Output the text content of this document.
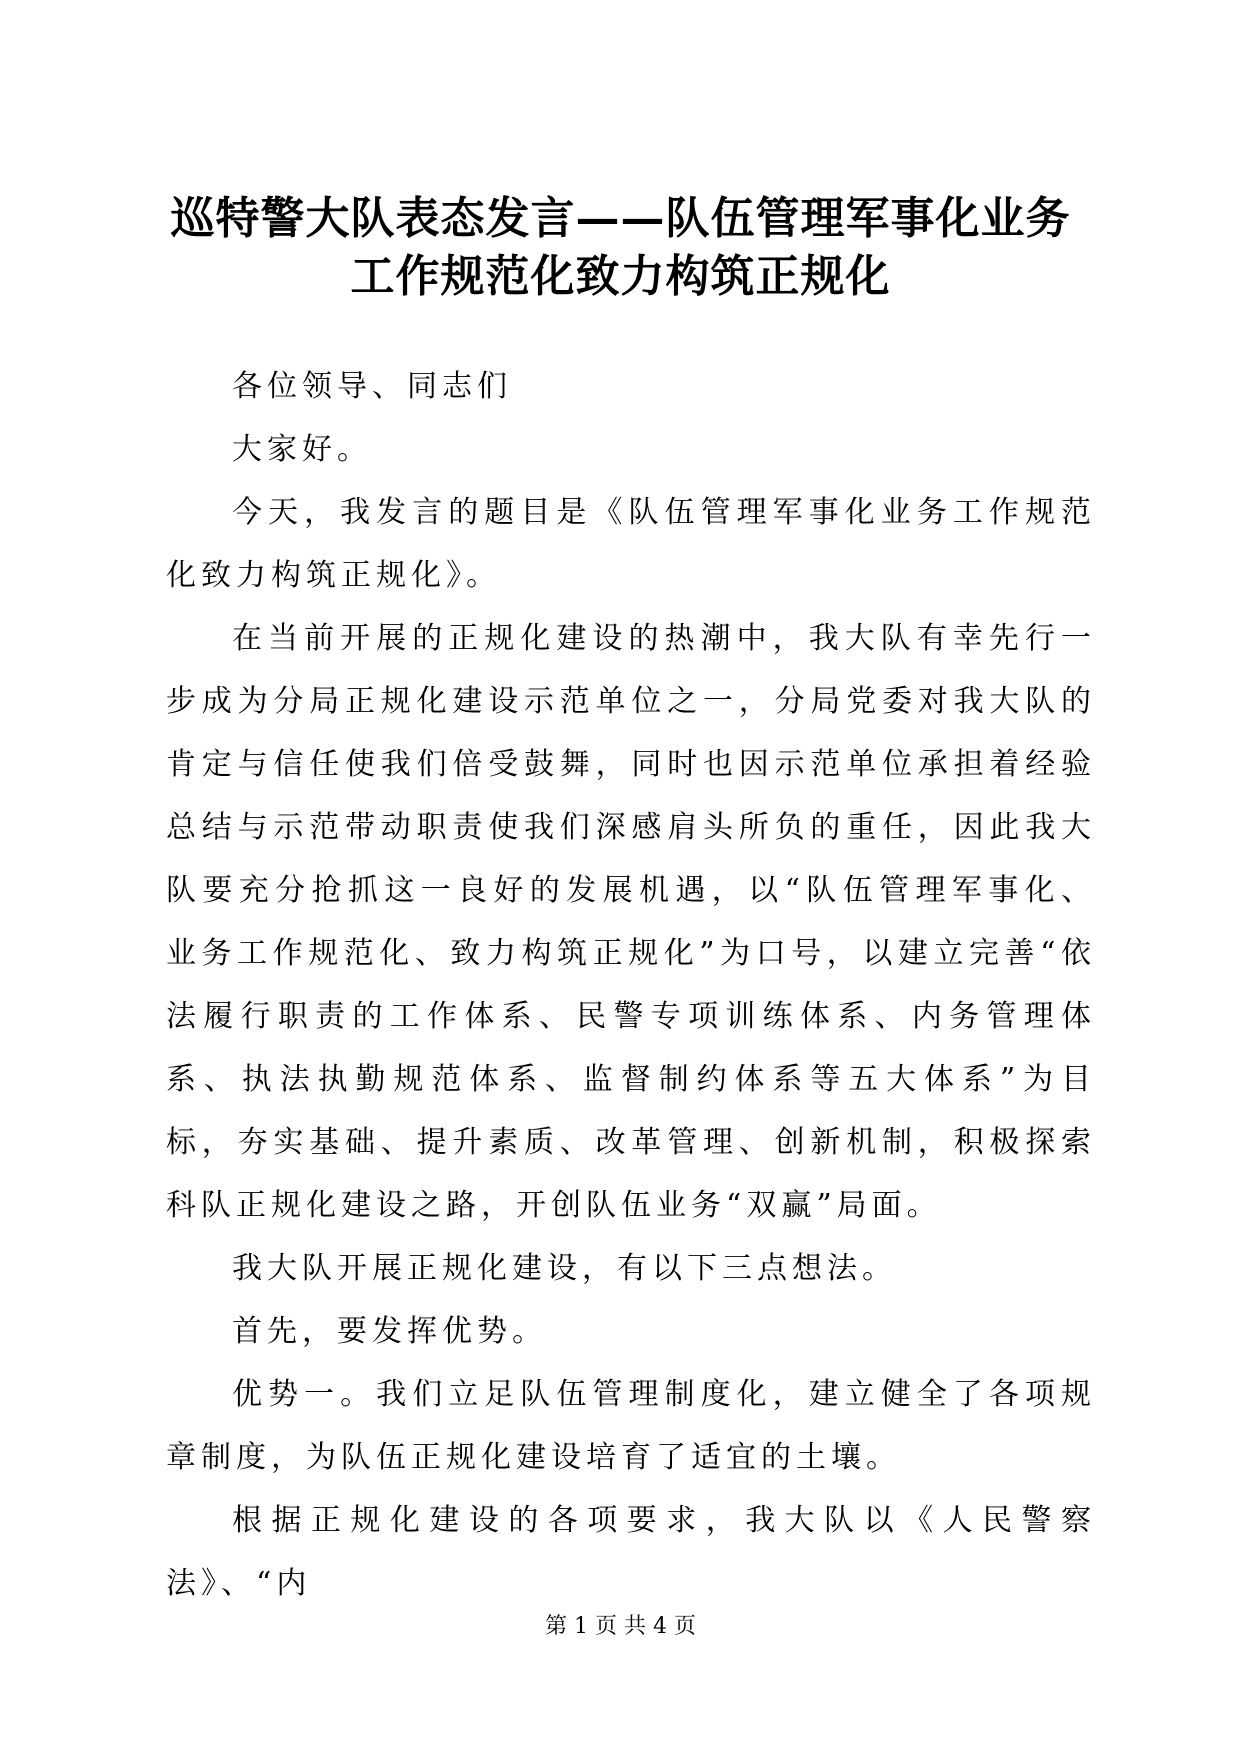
巡特警大队表态发言——队伍管理军事化业务工作规范化致力构筑正规化

各位领导、同志们

大家好。

今天，我发言的题目是《队伍管理军事化业务工作规范化致力构筑正规化》。

在当前开展的正规化建设的热潮中，我大队有幸先行一步成为分局正规化建设示范单位之一，分局党委对我大队的肯定与信任使我们倍受鼓舞，同时也因示范单位承担着经验总结与示范带动职责使我们深感肩头所负的重任，因此我大队要充分抢抓这一良好的发展机遇，以“队伍管理军事化、业务工作规范化、致力构筑正规化”为口号，以建立完善“依法履行职责的工作体系、民警专项训练体系、内务管理体系、执法执勤规范体系、监督制约体系等五大体系”为目标，夯实基础、提升素质、改革管理、创新机制，积极探索科队正规化建设之路，开创队伍业务“双赢”局面。

我大队开展正规化建设，有以下三点想法。

首先，要发挥优势。

优势一。我们立足队伍管理制度化，建立健全了各项规章制度，为队伍正规化建设培育了适宜的土壤。

根据正规化建设的各项要求，我大队以《人民警察法》、“内

第 1 页 共 4 页
